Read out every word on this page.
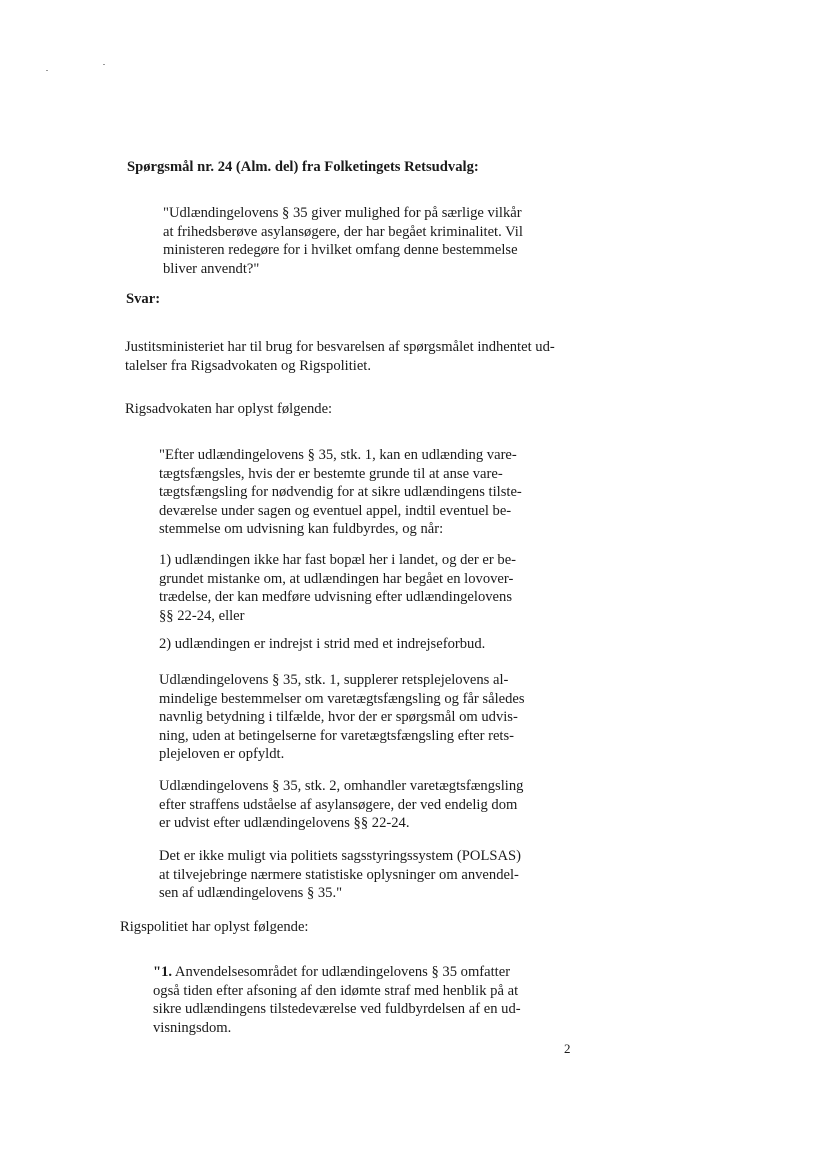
Spørgsmål nr. 24 (Alm. del) fra Folketingets Retsudvalg:

"Udlændingelovens § 35 giver mulighed for på særlige vilkår
at frihedsberøve asylansøgere, der har begået kriminalitet. Vil
ministeren redegøre for i hvilket omfang denne bestemmelse
bliver anvendt?"

Svar:

Justitsministeriet har til brug for besvarelsen af spørgsmålet indhentet ud-
talelser fra Rigsadvokaten og Rigspolitiet.

Rigsadvokaten har oplyst følgende:

"Efter udlændingelovens § 35, stk. 1, kan en udlænding vare-
tægtsfængsles, hvis der er bestemte grunde til at anse vare-
tægtsfængsling for nødvendig for at sikre udlændingens tilste-
deværelse under sagen og eventuel appel, indtil eventuel be-
stemmelse om udvisning kan fuldbyrdes, og når:

1) udlændingen ikke har fast bopæl her i landet, og der er be-
grundet mistanke om, at udlændingen har begået en lovover-
trædelse, der kan medføre udvisning efter udlændingelovens
§§ 22-24, eller

2) udlændingen er indrejst i strid med et indrejseforbud.

Udlændingelovens § 35, stk. 1, supplerer retsplejelovens al-
mindelige bestemmelser om varetægtsfængsling og får således
navnlig betydning i tilfælde, hvor der er spørgsmål om udvis-
ning, uden at betingelserne for varetægtsfængsling efter rets-
plejeloven er opfyldt.

Udlændingelovens § 35, stk. 2, omhandler varetægtsfængsling
efter straffens udståelse af asylansøgere, der ved endelig dom
er udvist efter udlændingelovens §§ 22-24.

Det er ikke muligt via politiets sagsstyringssystem (POLSAS)
at tilvejebringe nærmere statistiske oplysninger om anvendel-
sen af udlændingelovens § 35."

Rigspolitiet har oplyst følgende:

"1. Anvendelsesområdet for udlændingelovens § 35 omfatter
også tiden efter afsoning af den idømte straf med henblik på at
sikre udlændingens tilstedeværelse ved fuldbyrdelsen af en ud-
visningsdom.

2
